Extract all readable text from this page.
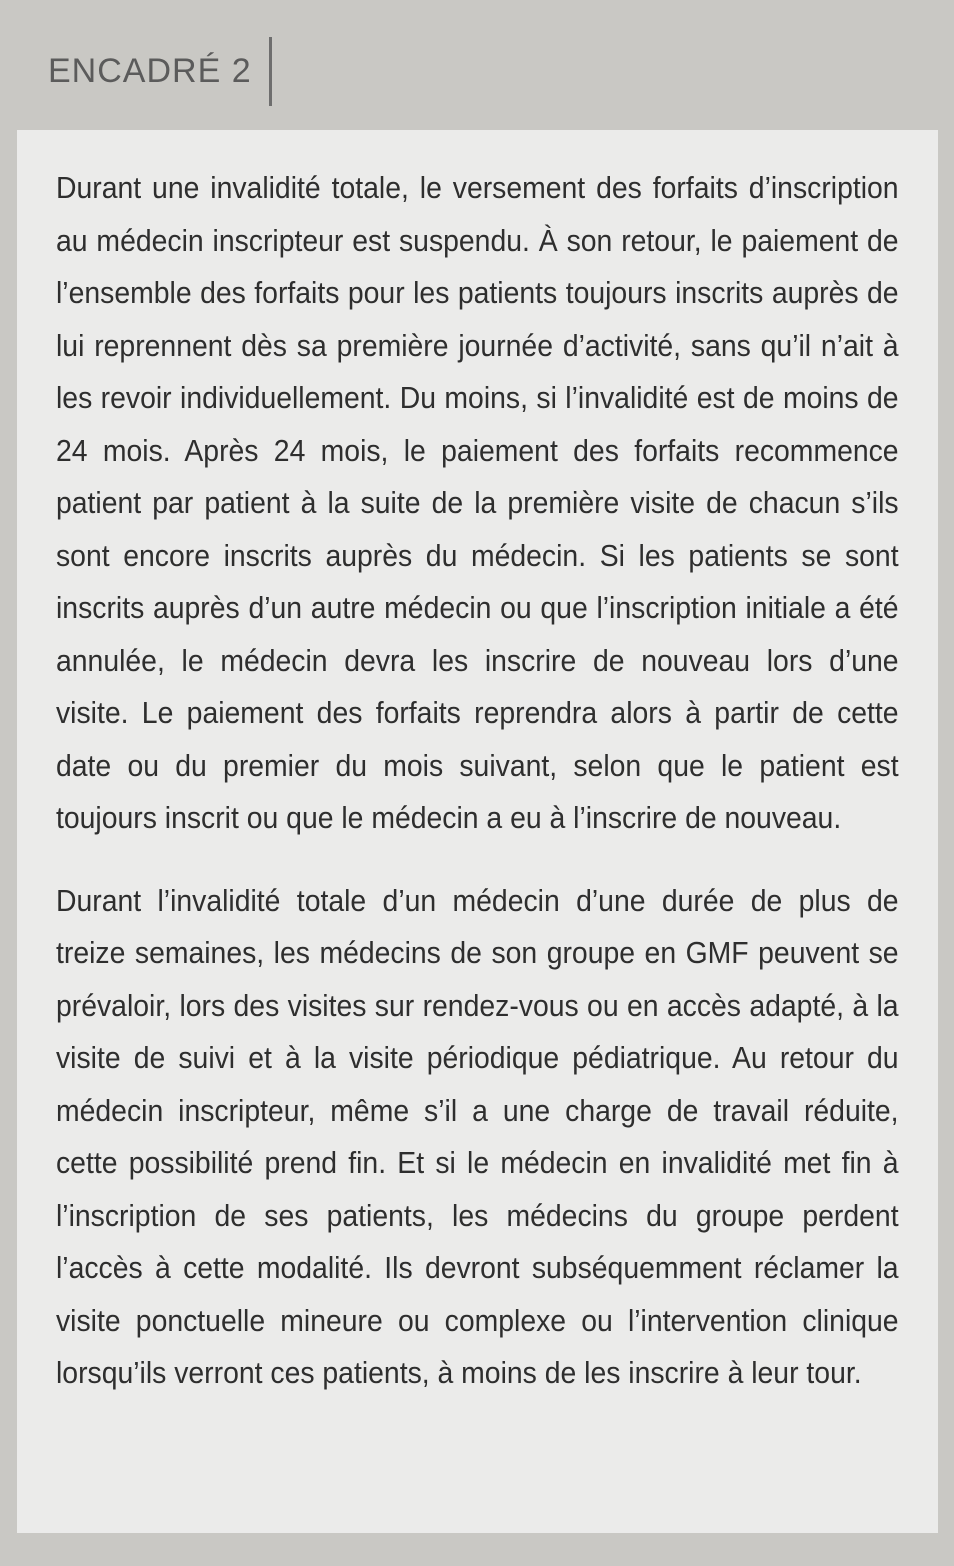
ENCADRÉ 2

Durant une invalidité totale, le versement des forfaits d’inscription au médecin inscripteur est suspendu. À son retour, le paiement de l’ensemble des forfaits pour les patients toujours inscrits auprès de lui reprennent dès sa première journée d’activité, sans qu’il n’ait à les revoir individuellement. Du moins, si l’invalidité est de moins de 24 mois. Après 24 mois, le paiement des forfaits recommence patient par patient à la suite de la première visite de chacun s’ils sont encore inscrits auprès du médecin. Si les patients se sont inscrits auprès d’un autre médecin ou que l’inscription initiale a été annulée, le médecin devra les inscrire de nouveau lors d’une visite. Le paiement des forfaits reprendra alors à partir de cette date ou du premier du mois suivant, selon que le patient est toujours inscrit ou que le médecin a eu à l’inscrire de nouveau.

Durant l’invalidité totale d’un médecin d’une durée de plus de treize semaines, les médecins de son groupe en GMF peuvent se prévaloir, lors des visites sur rendez-vous ou en accès adapté, à la visite de suivi et à la visite périodique pédiatrique. Au retour du médecin inscripteur, même s’il a une charge de travail réduite, cette possibilité prend fin. Et si le médecin en invalidité met fin à l’inscription de ses patients, les médecins du groupe perdent l’accès à cette modalité. Ils devront subséquemment réclamer la visite ponctuelle mineure ou complexe ou l’intervention clinique lorsqu’ils verront ces patients, à moins de les inscrire à leur tour.
